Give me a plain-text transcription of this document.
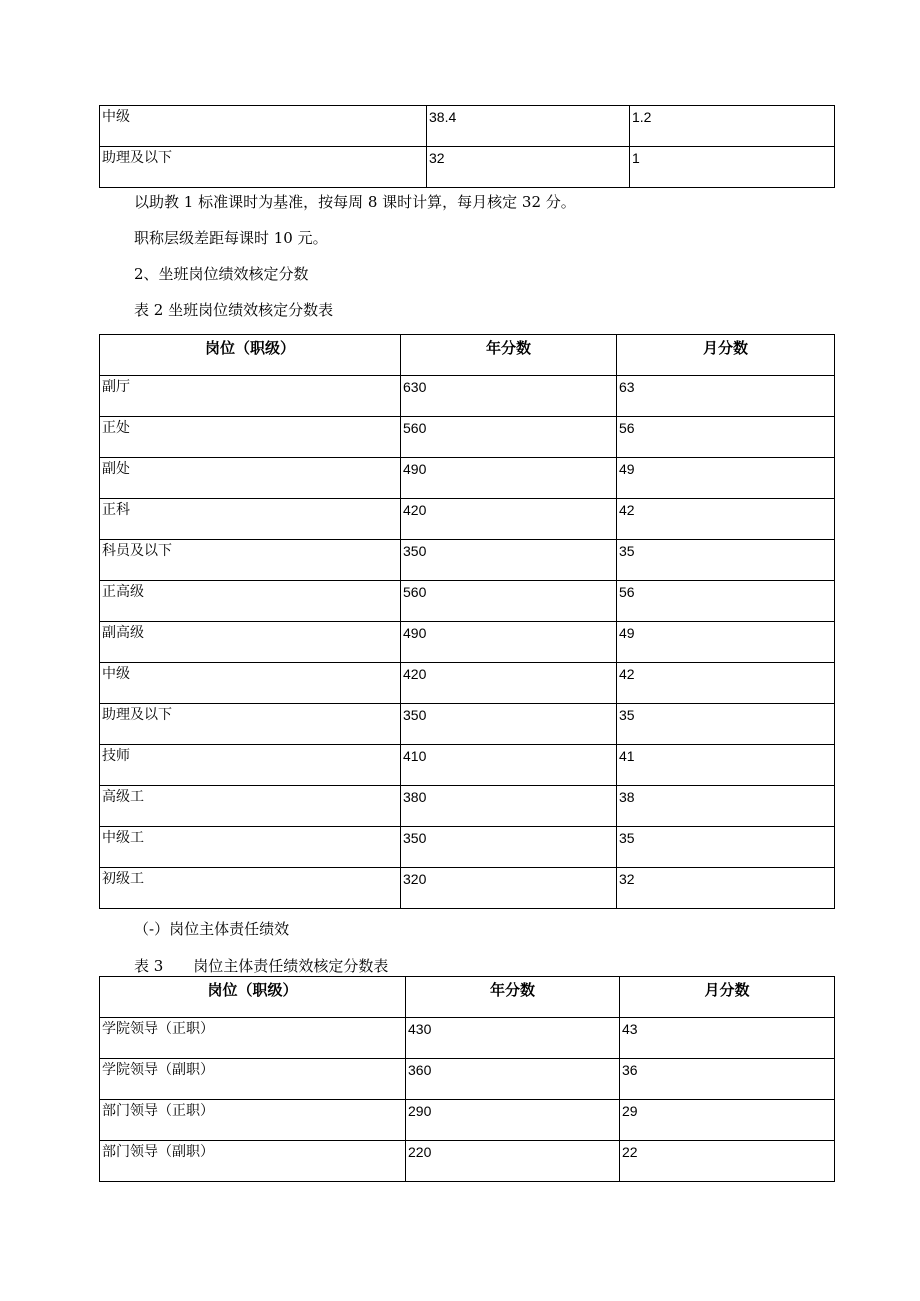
中级	38.4	1.2
助理及以下	32	1

以助教 1 标准课时为基准，按每周 8 课时计算，每月核定 32 分。

职称层级差距每课时 10 元。

2、坐班岗位绩效核定分数

表 2 坐班岗位绩效核定分数表

岗位（职级）	年分数	月分数
副厅	630	63
正处	560	56
副处	490	49
正科	420	42
科员及以下	350	35
正高级	560	56
副高级	490	49
中级	420	42
助理及以下	350	35
技师	410	41
高级工	380	38
中级工	350	35
初级工	320	32

（-）岗位主体责任绩效

表 3　　岗位主体责任绩效核定分数表

岗位（职级）	年分数	月分数
学院领导（正职）	430	43
学院领导（副职）	360	36
部门领导（正职）	290	29
部门领导（副职）	220	22
